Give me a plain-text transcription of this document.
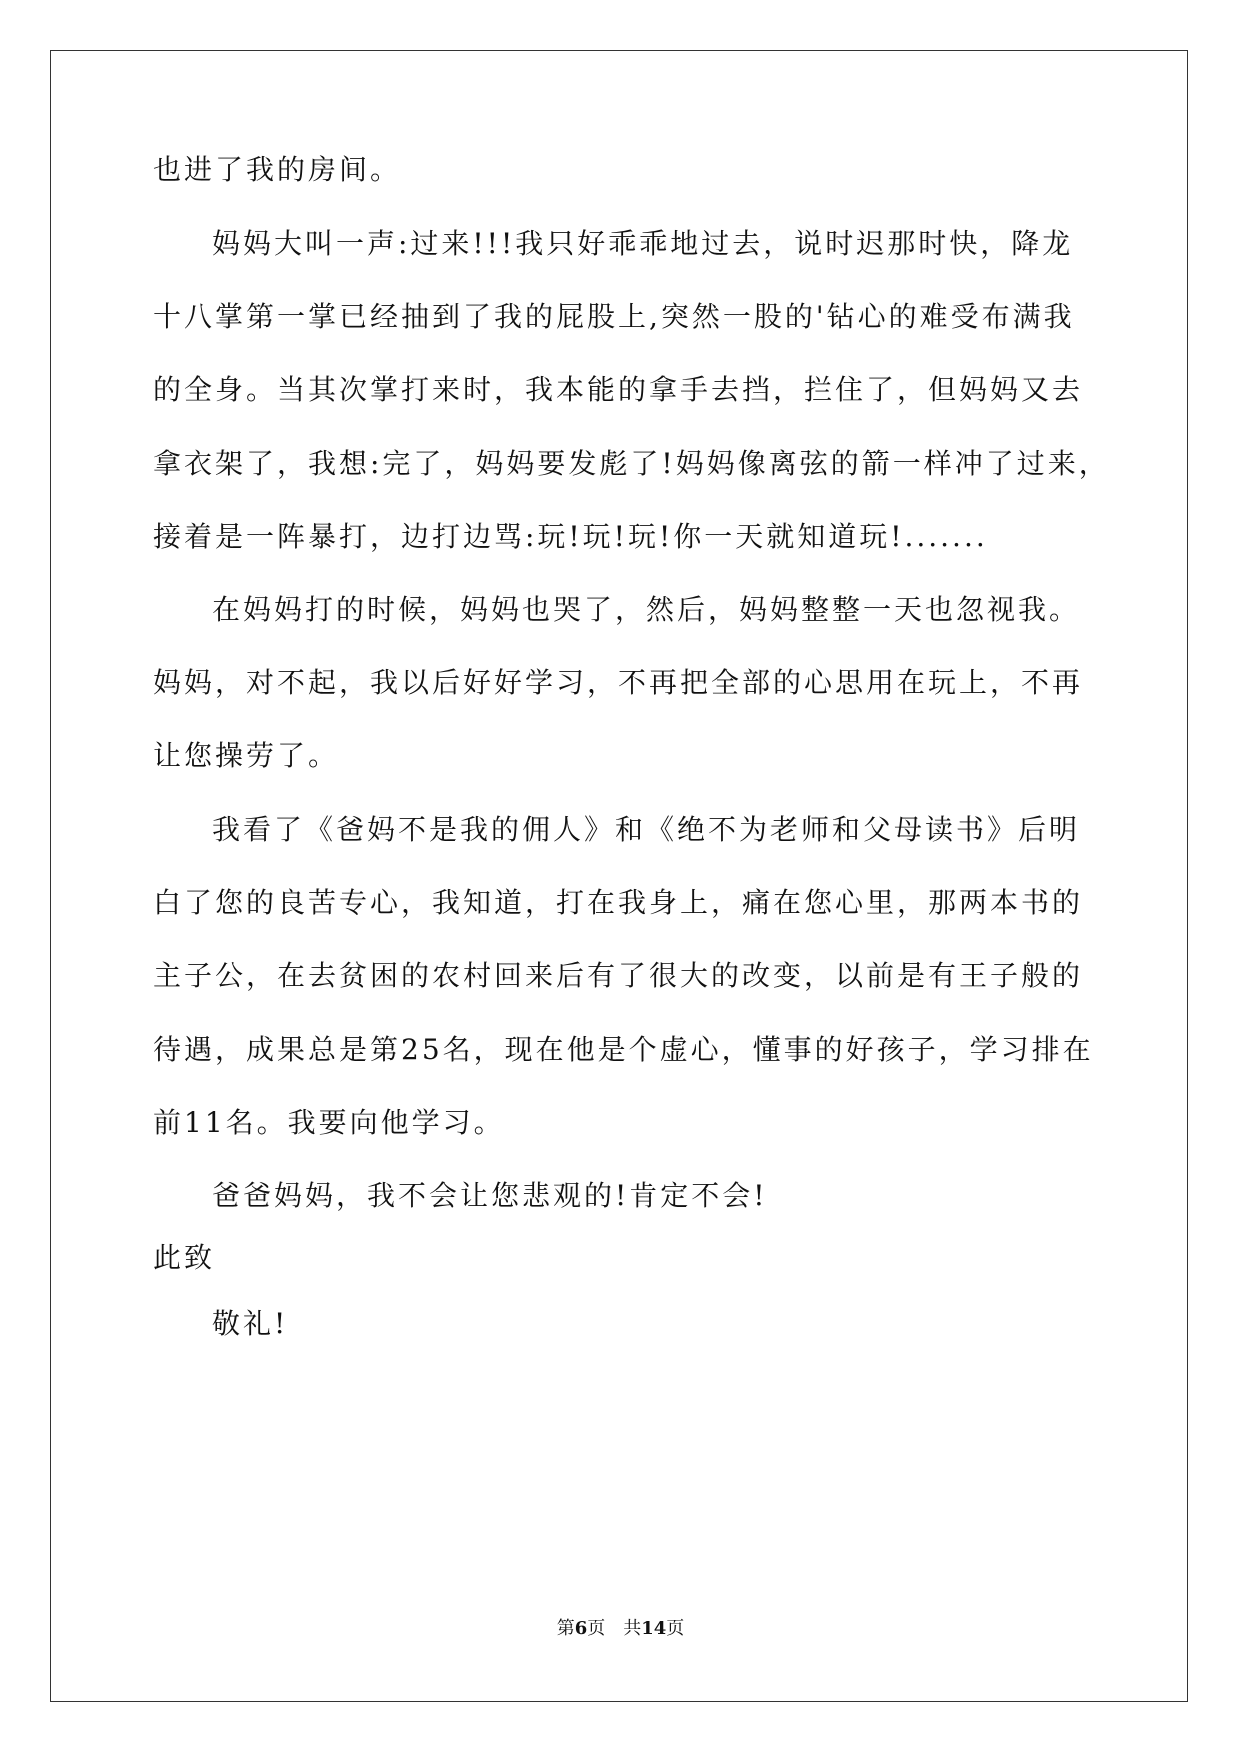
也进了我的房间。
妈妈大叫一声:过来!!!我只好乖乖地过去，说时迟那时快，降龙
十八掌第一掌已经抽到了我的屁股上,突然一股的'钻心的难受布满我
的全身。当其次掌打来时，我本能的拿手去挡，拦住了，但妈妈又去
拿衣架了，我想:完了，妈妈要发彪了!妈妈像离弦的箭一样冲了过来，
接着是一阵暴打，边打边骂:玩!玩!玩!你一天就知道玩!.......
在妈妈打的时候，妈妈也哭了，然后，妈妈整整一天也忽视我。
妈妈，对不起，我以后好好学习，不再把全部的心思用在玩上，不再
让您操劳了。
我看了《爸妈不是我的佣人》和《绝不为老师和父母读书》后明
白了您的良苦专心，我知道，打在我身上，痛在您心里，那两本书的
主子公，在去贫困的农村回来后有了很大的改变，以前是有王子般的
待遇，成果总是第25名，现在他是个虚心，懂事的好孩子，学习排在
前11名。我要向他学习。
爸爸妈妈，我不会让您悲观的!肯定不会!
此致
敬礼!
第6页 共14页
